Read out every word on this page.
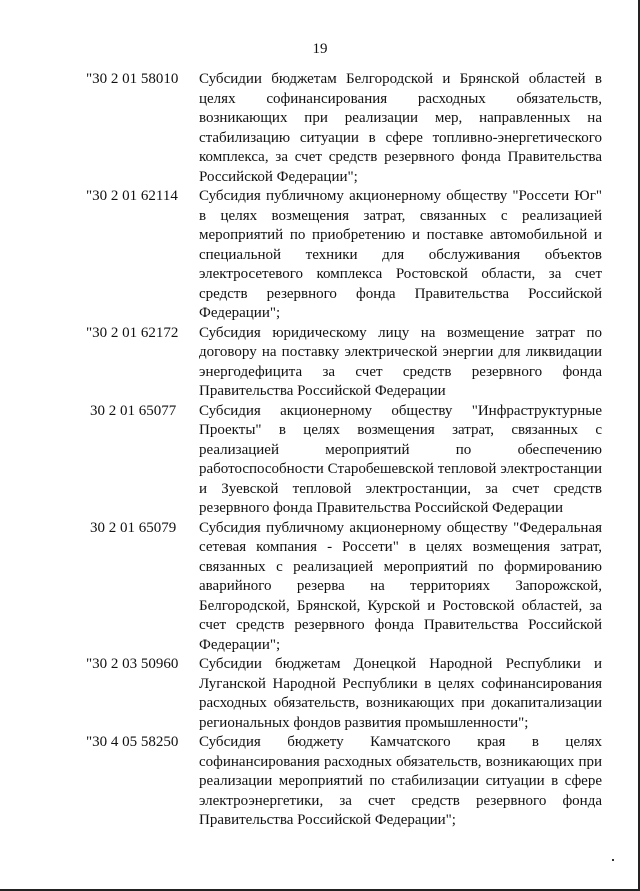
19
"30 2 01 58010 Субсидии бюджетам Белгородской и Брянской областей в целях софинансирования расходных обязательств, возникающих при реализации мер, направленных на стабилизацию ситуации в сфере топливно-энергетического комплекса, за счет средств резервного фонда Правительства Российской Федерации";
"30 2 01 62114 Субсидия публичному акционерному обществу "Россети Юг" в целях возмещения затрат, связанных с реализацией мероприятий по приобретению и поставке автомобильной и специальной техники для обслуживания объектов электросетевого комплекса Ростовской области, за счет средств резервного фонда Правительства Российской Федерации";
"30 2 01 62172 Субсидия юридическому лицу на возмещение затрат по договору на поставку электрической энергии для ликвидации энергодефицита за счет средств резервного фонда Правительства Российской Федерации
30 2 01 65077 Субсидия акционерному обществу "Инфраструктурные Проекты" в целях возмещения затрат, связанных с реализацией мероприятий по обеспечению работоспособности Старобешевской тепловой электростанции и Зуевской тепловой электростанции, за счет средств резервного фонда Правительства Российской Федерации
30 2 01 65079 Субсидия публичному акционерному обществу "Федеральная сетевая компания - Россети" в целях возмещения затрат, связанных с реализацией мероприятий по формированию аварийного резерва на территориях Запорожской, Белгородской, Брянской, Курской и Ростовской областей, за счет средств резервного фонда Правительства Российской Федерации";
"30 2 03 50960 Субсидии бюджетам Донецкой Народной Республики и Луганской Народной Республики в целях софинансирования расходных обязательств, возникающих при докапитализации региональных фондов развития промышленности";
"30 4 05 58250 Субсидия бюджету Камчатского края в целях софинансирования расходных обязательств, возникающих при реализации мероприятий по стабилизации ситуации в сфере электроэнергетики, за счет средств резервного фонда Правительства Российской Федерации";
